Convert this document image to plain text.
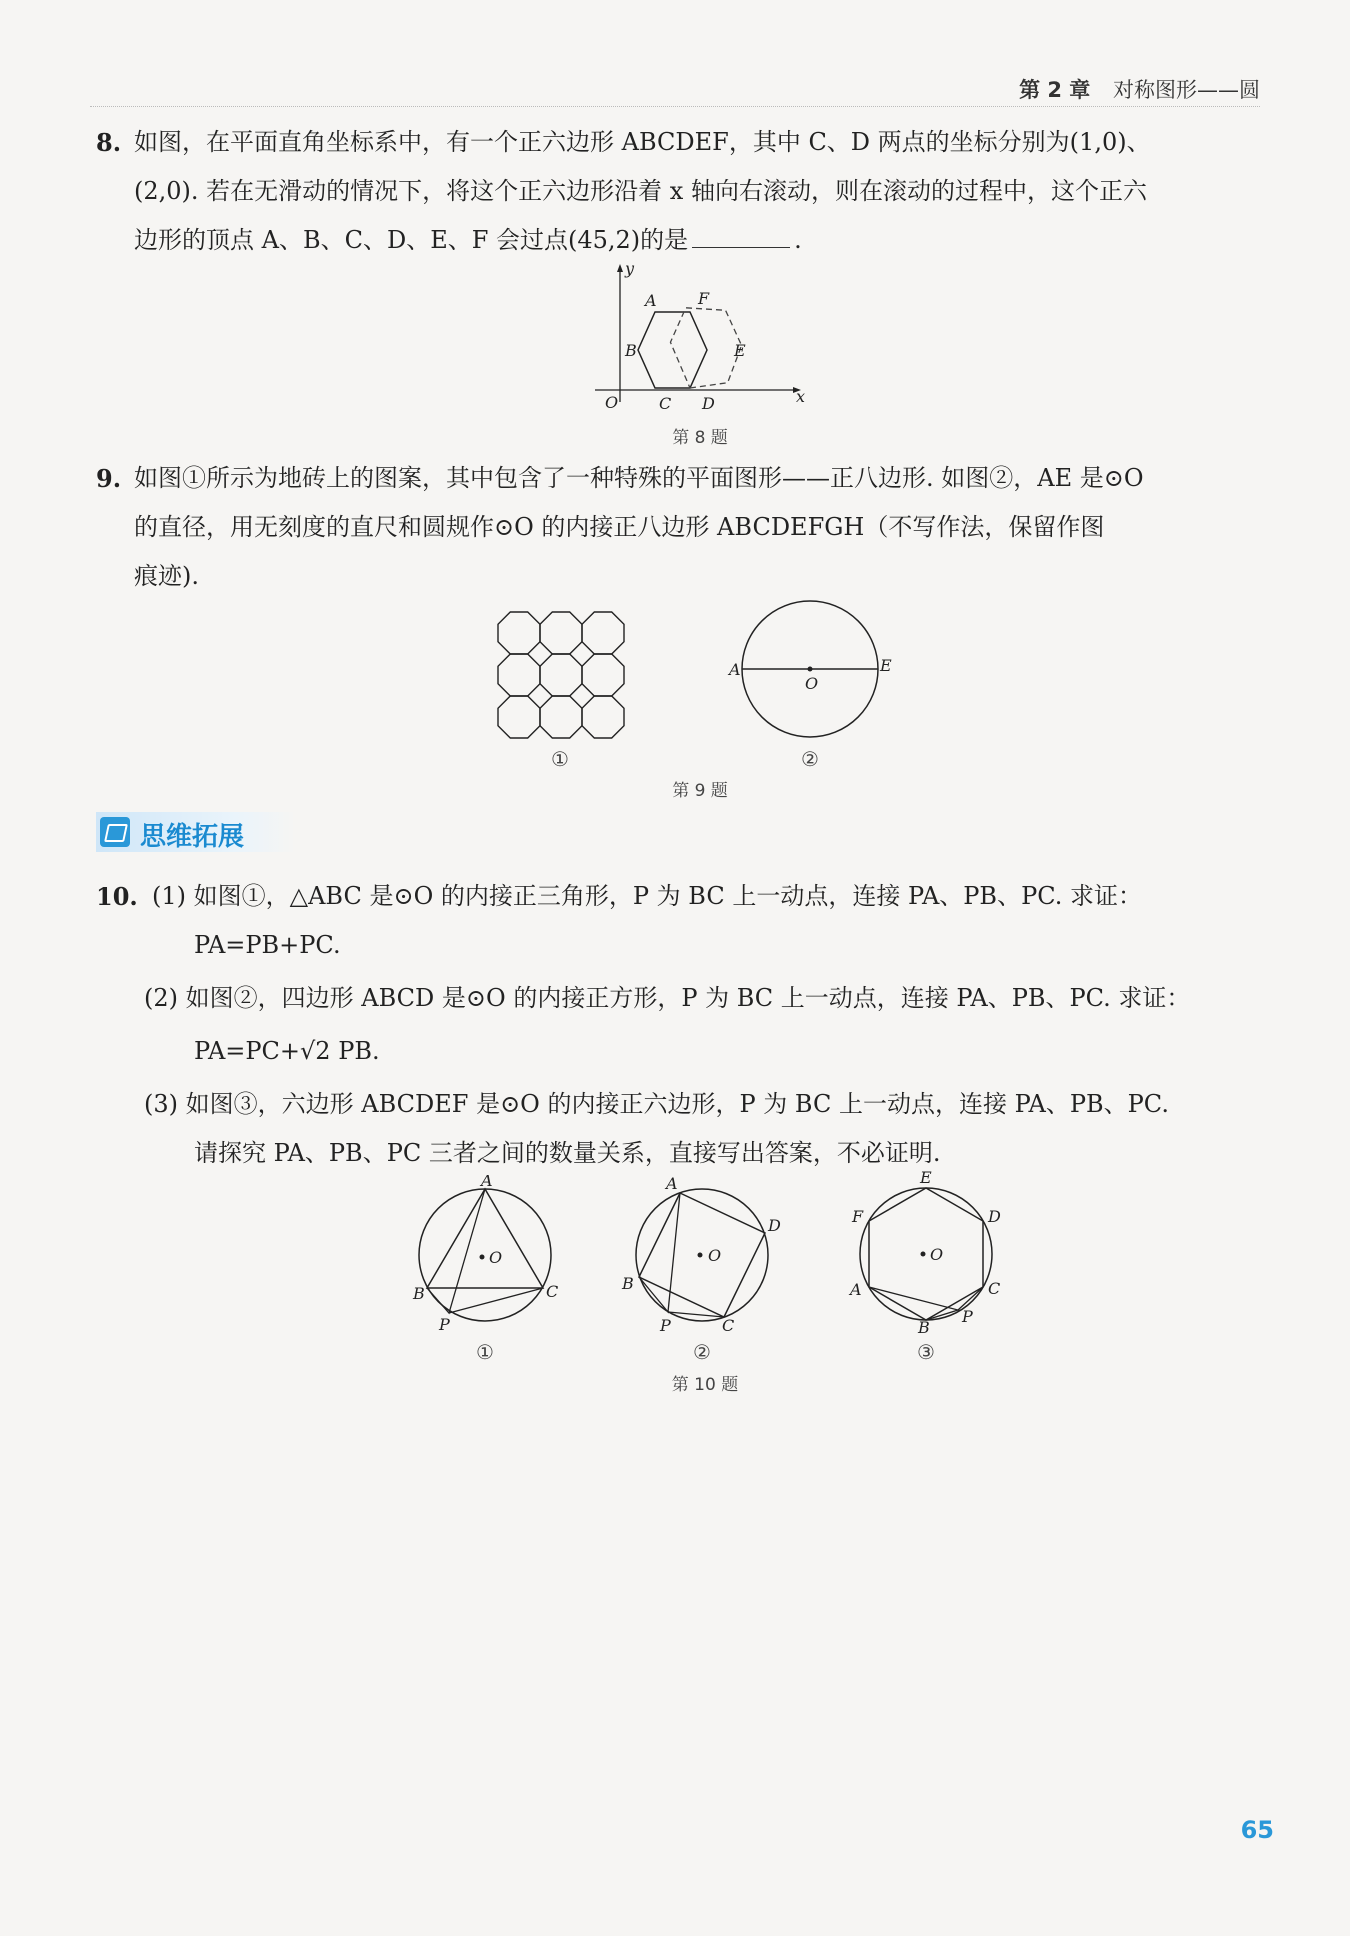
第 2 章 对称图形——圆
8. 如图，在平面直角坐标系中，有一个正六边形 ABCDEF，其中 C、D 两点的坐标分别为(1,0)、
(2,0). 若在无滑动的情况下，将这个正六边形沿着 x 轴向右滚动，则在滚动的过程中，这个正六
边形的顶点 A、B、C、D、E、F 会过点(45,2)的是	.
y
x
O
A	F
B	E
C D
第 8 题
9. 如图①所示为地砖上的图案，其中包含了一种特殊的平面图形——正八边形. 如图②，AE 是⊙O
的直径，用无刻度的直尺和圆规作⊙O 的内接正八边形 ABCDEFGH（不写作法，保留作图
痕迹).
①
A	E
O
②
第 9 题
思维拓展
10. (1) 如图①，△ABC 是⊙O 的内接正三角形，P 为 BC 上一动点，连接 PA、PB、PC. 求证：
PA=PB+PC.
(2) 如图②，四边形 ABCD 是⊙O 的内接正方形，P 为 BC 上一动点，连接 PA、PB、PC. 求证：
PA=PC+√2 PB.
(3) 如图③，六边形 ABCDEF 是⊙O 的内接正六边形，P 为 BC 上一动点，连接 PA、PB、PC.
请探究 PA、PB、PC 三者之间的数量关系，直接写出答案，不必证明.
A
B	C
P
O
①
A
D
B
P	C
O
②
E
F	D
A	C
P
B
O
③
第 10 题
65
